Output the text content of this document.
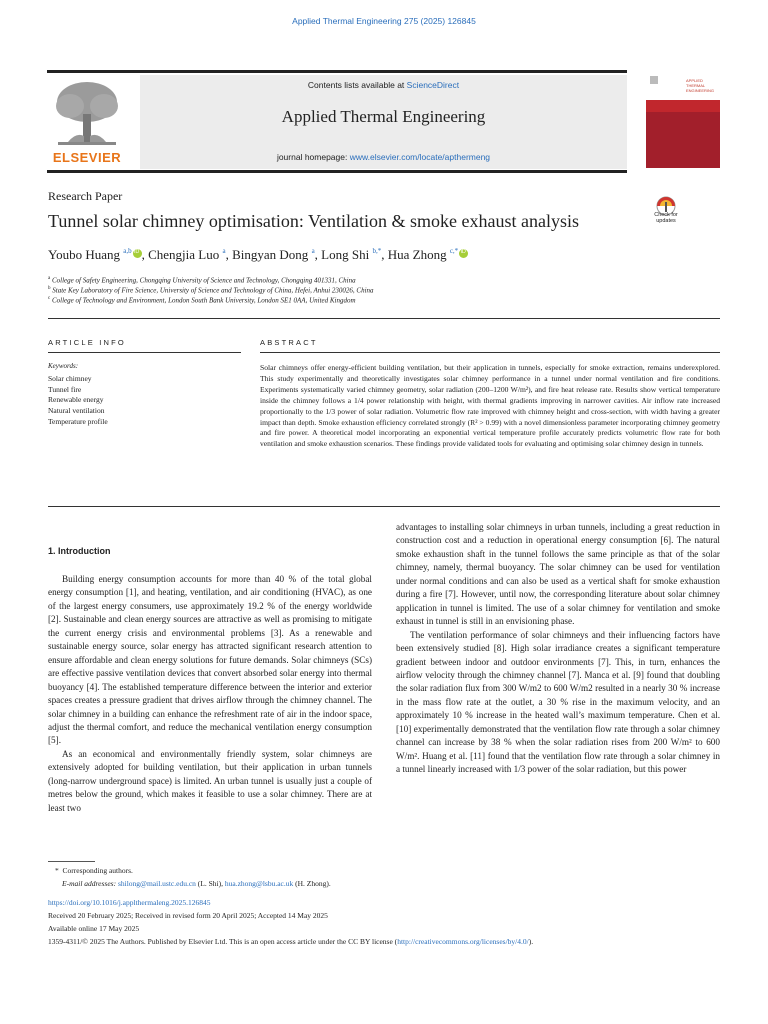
Applied Thermal Engineering 275 (2025) 126845
ELSEVIER
Contents lists available at ScienceDirect
Applied Thermal Engineering
journal homepage: www.elsevier.com/locate/apthermeng
APPLIED
THERMAL
ENGINEERING
Research Paper
Tunnel solar chimney optimisation: Ventilation & smoke exhaust analysis	Check for updates
Youbo Huang $^{a,b}$iD , Chengjia Luo $^a$, Bingyan Dong $^a$, Long Shi $^{b,*}$, Hua Zhong $^{c,*}$iD
$^a$ College of Safety Engineering, Chongqing University of Science and Technology, Chongqing 401331, China
$^b$ State Key Laboratory of Fire Science, University of Science and Technology of China, Hefei, Anhui 230026, China
$^c$ College of Technology and Environment, London South Bank University, London SE1 0AA, United Kingdom
ARTICLE INFO
Keywords:
Solar chimney
Tunnel fire
Renewable energy
Natural ventilation
Temperature profile
ABSTRACT
Solar chimneys offer energy-efficient building ventilation, but their application in tunnels, especially for smoke extraction, remains underexplored. This study experimentally and theoretically investigates solar chimney performance in a tunnel under normal ventilation and fire conditions. Experiments systematically varied chimney geometry, solar radiation (200–1200 W/m²), and fire heat release rate. Results show vertical temperature inside the chimney follows a 1/4 power relationship with height, with thermal gradients improving in narrower cavities. Air inflow rate increased proportionally to the 1/3 power of solar radiation. Volumetric flow rate improved with chimney height and cross-section, with width having a greater impact than depth. Smoke exhaustion efficiency correlated strongly (R² > 0.99) with a novel dimensionless parameter incorporating chimney geometry and fire power. A theoretical model incorporating an exponential vertical temperature profile accurately predicts volumetric flow rate for both ventilation and smoke exhaustion scenarios. These findings provide validated tools for evaluating and optimising solar chimney design in tunnels.
1. Introduction

Building energy consumption accounts for more than 40 % of the total global energy consumption [1], and heating, ventilation, and air conditioning (HVAC), as one of the largest energy consumers, use approximately 19.2 % of the energy worldwide [2]. Sustainable and clean energy sources are attractive as well as promising to mitigate the current energy crisis and environmental problems [3]. As a renewable and sustainable energy source, solar energy has attracted significant research attention to ensure affordable and clean energy solutions for future demands. Solar chimneys (SCs) are effective passive ventilation devices that convert absorbed solar energy into thermal buoyancy [4]. The established temperature difference between the interior and exterior spaces creates a pressure gradient that drives airflow through the chimney channel. The solar chimney in a building can enhance the refreshment rate of air in the indoor space, adjust the thermal comfort, and reduce the mechanical ventilation energy consumption [5].

As an economical and environmentally friendly system, solar chimneys are extensively adopted for building ventilation, but their application in urban tunnels (long-narrow underground space) is limited. An urban tunnel is usually just a couple of metres below the ground, which makes it feasible to use a solar chimney. There are at least two

advantages to installing solar chimneys in urban tunnels, including a great reduction in construction cost and a reduction in operational energy consumption [6]. The natural smoke exhaustion shaft in the tunnel follows the same principle as that of the solar chimney, namely, thermal buoyancy. The solar chimney can be used for ventilation under normal conditions and can also be used as a vertical shaft for smoke exhaustion during a fire [7]. However, until now, the corresponding literature about solar chimney application in tunnel is limited. The use of a solar chimney for ventilation and smoke exhaust in tunnel is still in an envisioning phase.

The ventilation performance of solar chimneys and their influencing factors have been extensively studied [8]. High solar irradiance creates a significant temperature gradient between indoor and outdoor environments [7]. This, in turn, enhances the airflow velocity through the chimney channel [7]. Manca et al. [9] found that doubling the solar radiation flux from 300 W/m2 to 600 W/m2 resulted in a nearly 30 % increase in the mass flow rate at the outlet, a 30 % rise in the maximum velocity, and an approximately 10 % increase in the heated wall’s maximum temperature. Chen et al. [10] experimentally demonstrated that the ventilation flow rate through a solar chimney channel can increase by 38 % when the solar radiation rises from 200 W/m² to 600 W/m². Huang et al. [11] found that the ventilation flow rate through a solar chimney in a tunnel linearly increased with 1/3 power of the solar radiation, but this power

*  Corresponding authors.
E-mail addresses: shilong@mail.ustc.edu.cn (L. Shi), hua.zhong@lsbu.ac.uk (H. Zhong).
https://doi.org/10.1016/j.applthermaleng.2025.126845
Received 20 February 2025; Received in revised form 20 April 2025; Accepted 14 May 2025
Available online 17 May 2025
1359-4311/© 2025 The Authors. Published by Elsevier Ltd. This is an open access article under the CC BY license (http://creativecommons.org/licenses/by/4.0/).
